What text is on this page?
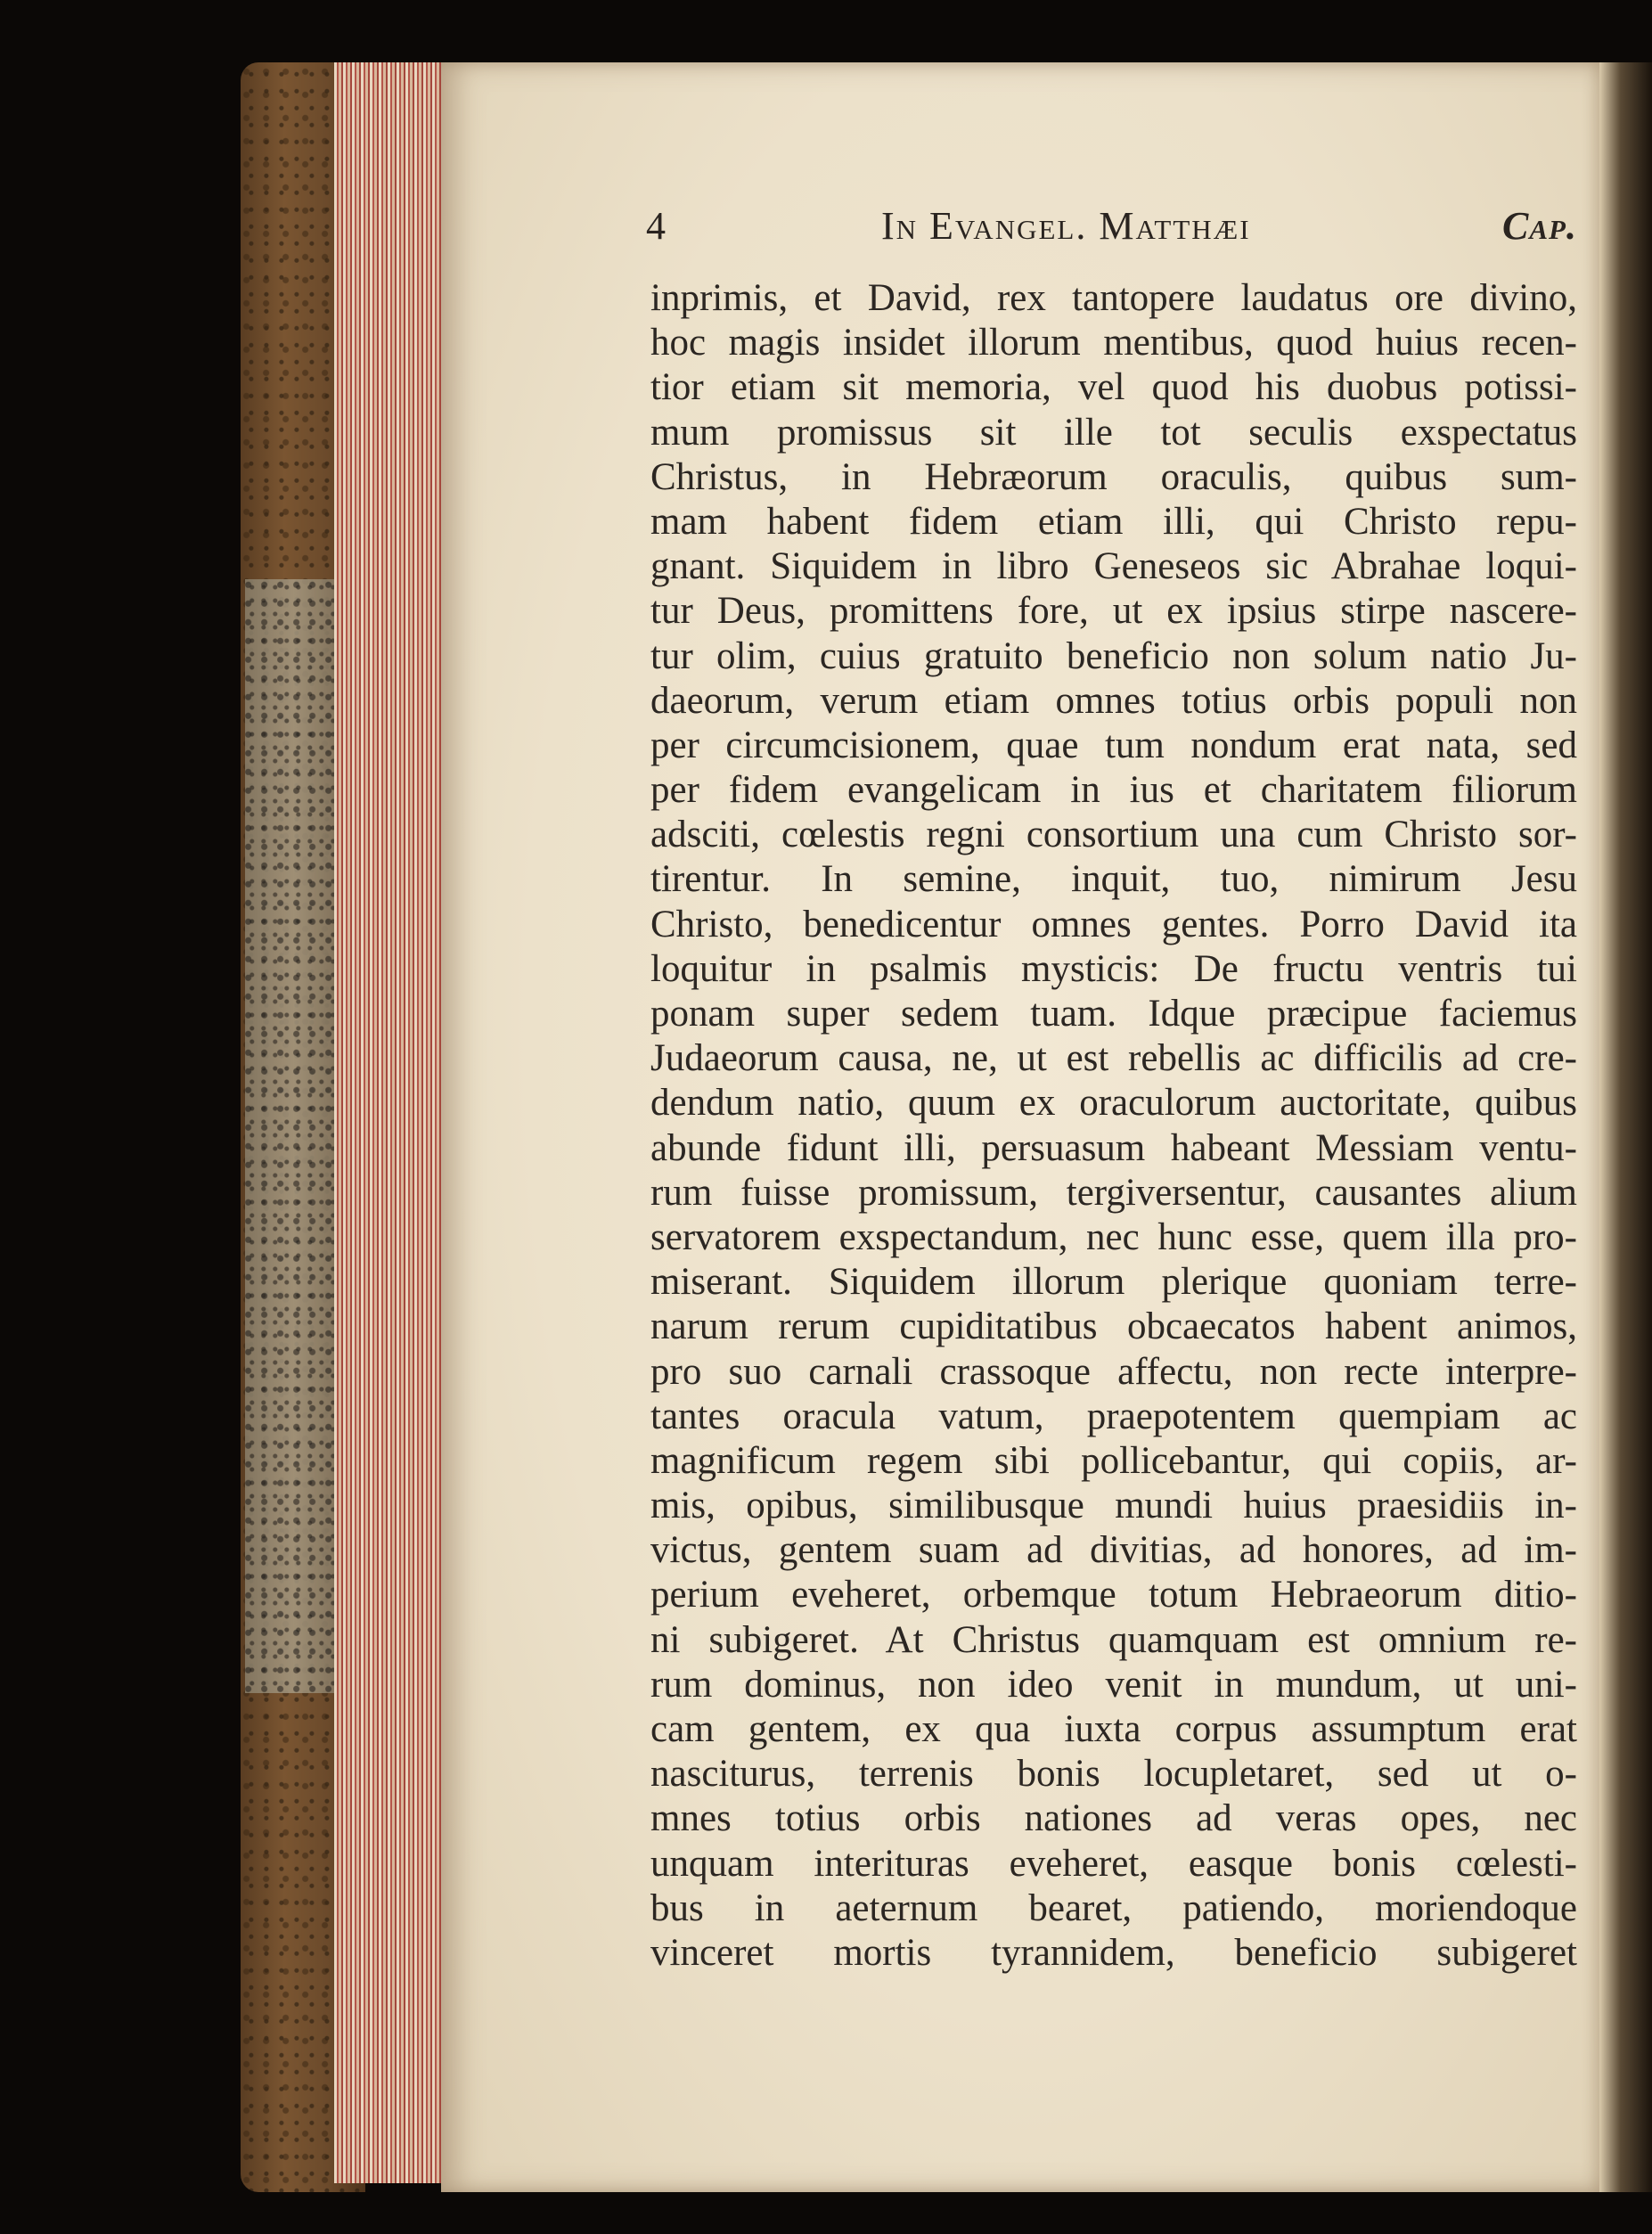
4	In Evangel. Matthæi	Cap.
inprimis, et David, rex tantopere laudatus ore divino,
hoc magis insidet illorum mentibus, quod huius recen-
tior etiam sit memoria, vel quod his duobus potissi-
mum promissus sit ille tot seculis exspectatus
Christus, in Hebræorum oraculis, quibus sum-
mam habent fidem etiam illi, qui Christo repu-
gnant. Siquidem in libro Geneseos sic Abrahae loqui-
tur Deus, promittens fore, ut ex ipsius stirpe nascere-
tur olim, cuius gratuito beneficio non solum natio Ju-
daeorum, verum etiam omnes totius orbis populi non
per circumcisionem, quae tum nondum erat nata, sed
per fidem evangelicam in ius et charitatem filiorum
adsciti, cœlestis regni consortium una cum Christo sor-
tirentur. In semine, inquit, tuo, nimirum Jesu
Christo, benedicentur omnes gentes. Porro David ita
loquitur in psalmis mysticis: De fructu ventris tui
ponam super sedem tuam. Idque præcipue faciemus
Judaeorum causa, ne, ut est rebellis ac difficilis ad cre-
dendum natio, quum ex oraculorum auctoritate, quibus
abunde fidunt illi, persuasum habeant Messiam ventu-
rum fuisse promissum, tergiversentur, causantes alium
servatorem exspectandum, nec hunc esse, quem illa pro-
miserant. Siquidem illorum plerique quoniam terre-
narum rerum cupiditatibus obcaecatos habent animos,
pro suo carnali crassoque affectu, non recte interpre-
tantes oracula vatum, praepotentem quempiam ac
magnificum regem sibi pollicebantur, qui copiis, ar-
mis, opibus, similibusque mundi huius praesidiis in-
victus, gentem suam ad divitias, ad honores, ad im-
perium eveheret, orbemque totum Hebraeorum ditio-
ni subigeret. At Christus quamquam est omnium re-
rum dominus, non ideo venit in mundum, ut uni-
cam gentem, ex qua iuxta corpus assumptum erat
nasciturus, terrenis bonis locupletaret, sed ut o-
mnes totius orbis nationes ad veras opes, nec
unquam interituras eveheret, easque bonis cœlesti-
bus in aeternum bearet, patiendo, moriendoque
vinceret mortis tyrannidem, beneficio subigeret
